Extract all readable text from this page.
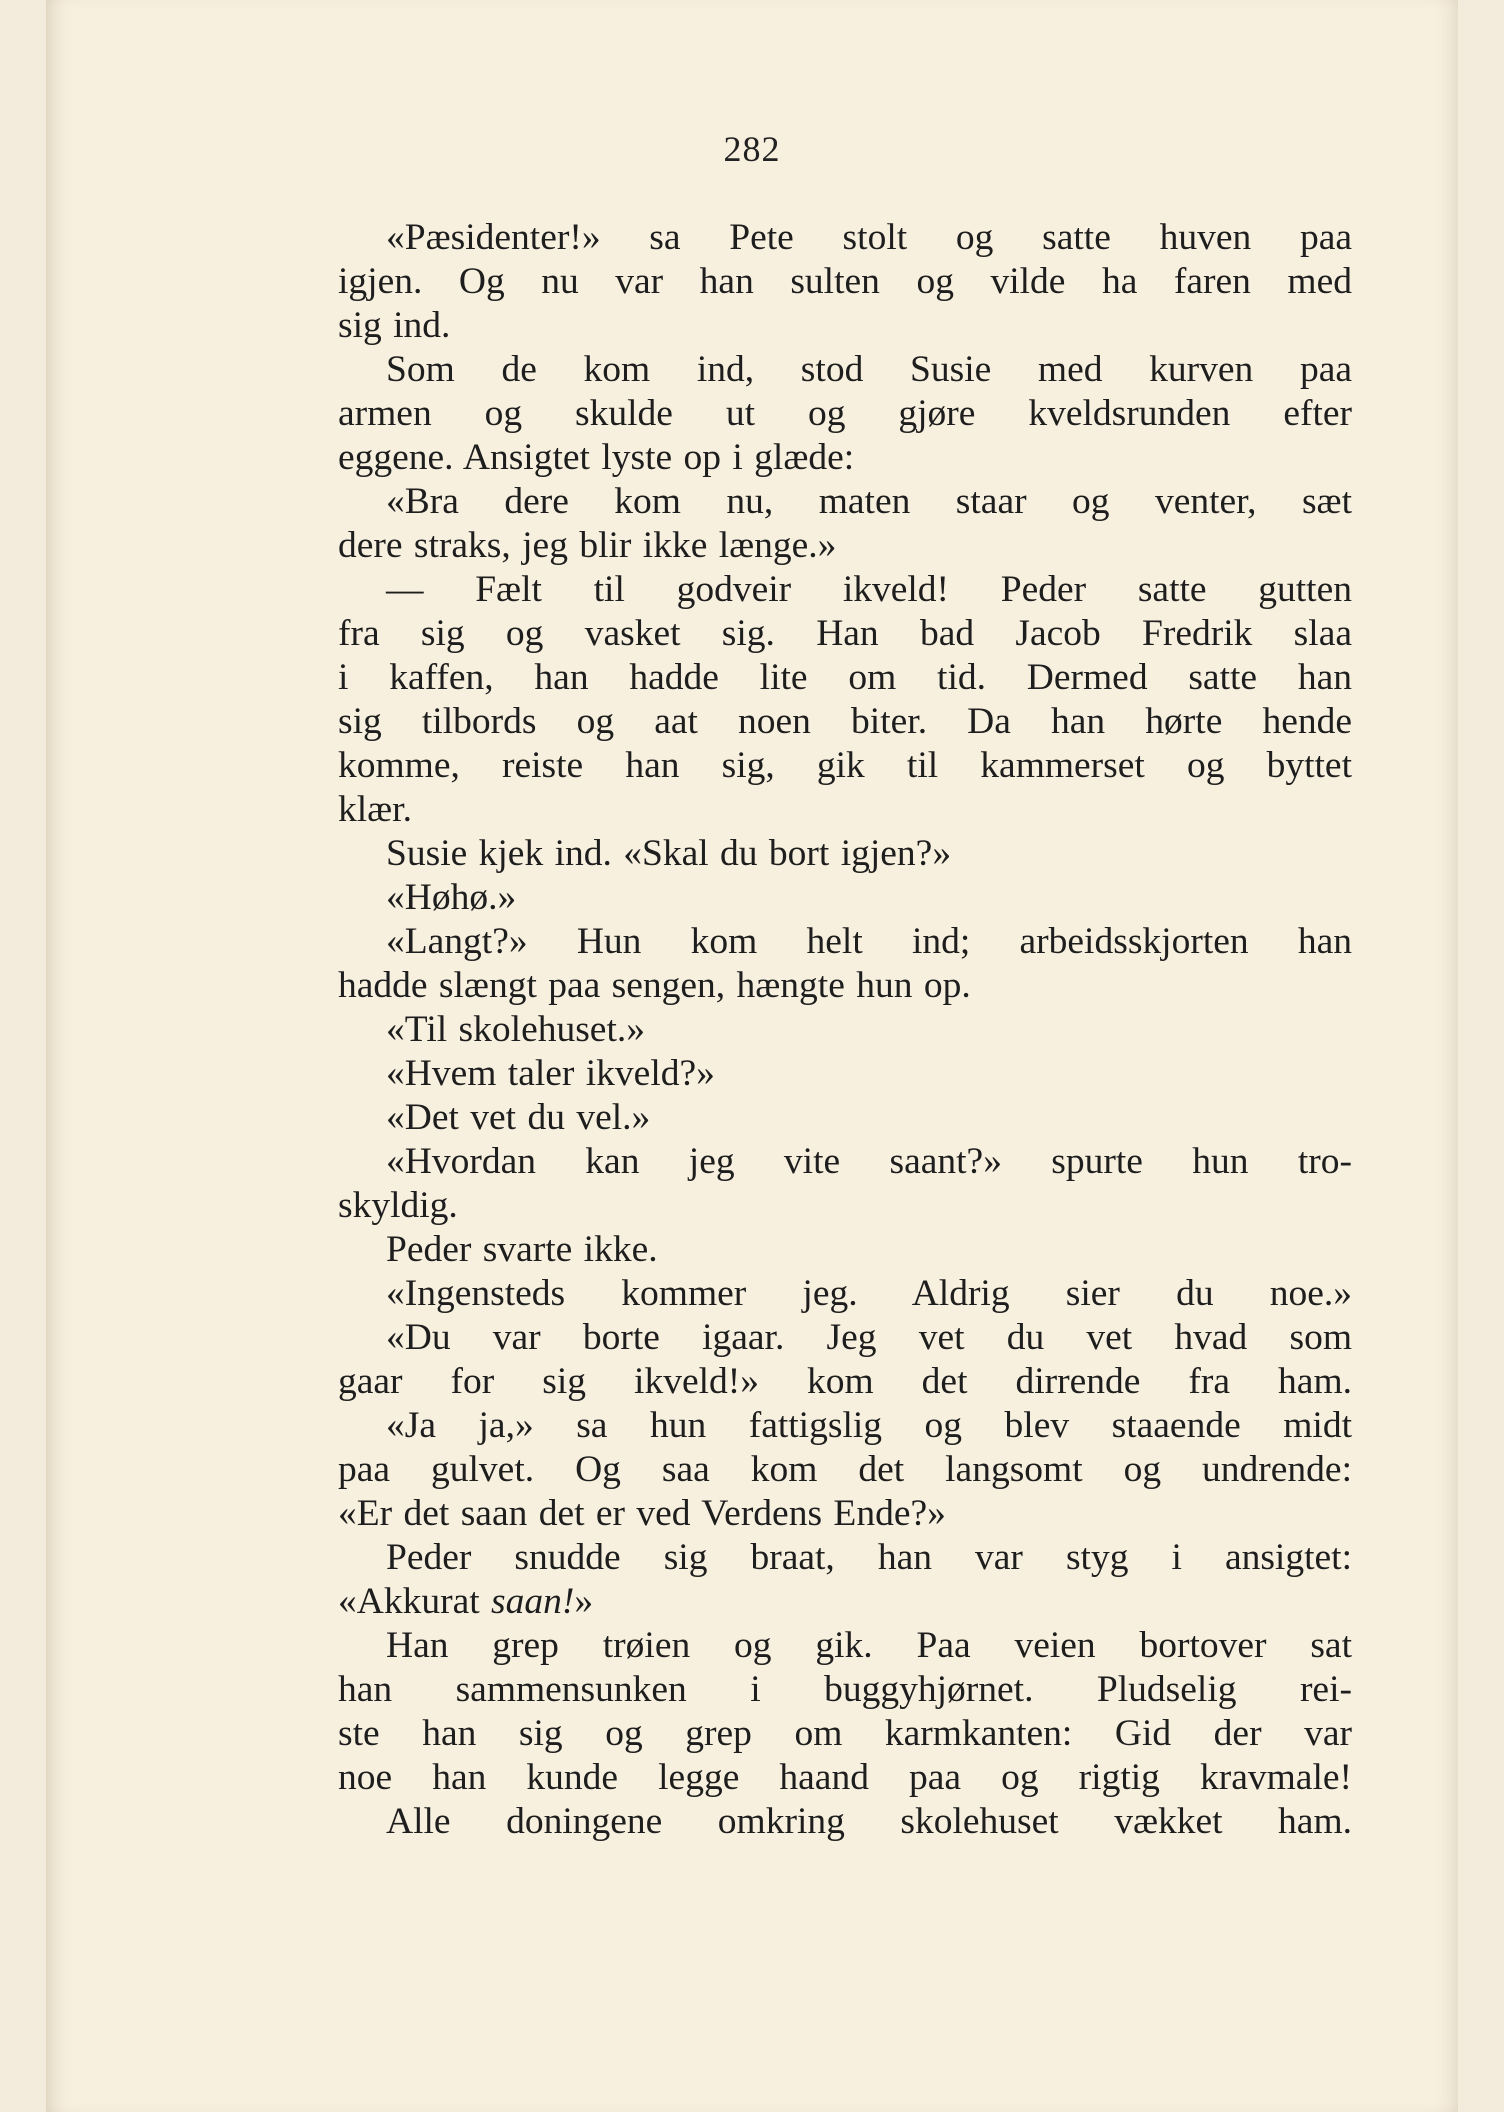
282
«Pæsidenter!» sa Pete stolt og satte huven paa
igjen. Og nu var han sulten og vilde ha faren med
sig ind.
Som de kom ind, stod Susie med kurven paa
armen og skulde ut og gjøre kveldsrunden efter
eggene. Ansigtet lyste op i glæde:
«Bra dere kom nu, maten staar og venter, sæt
dere straks, jeg blir ikke længe.»
— Fælt til godveir ikveld! Peder satte gutten
fra sig og vasket sig. Han bad Jacob Fredrik slaa
i kaffen, han hadde lite om tid. Dermed satte han
sig tilbords og aat noen biter. Da han hørte hende
komme, reiste han sig, gik til kammerset og byttet
klær.
Susie kjek ind. «Skal du bort igjen?»
«Høhø.»
«Langt?» Hun kom helt ind; arbeidsskjorten han
hadde slængt paa sengen, hængte hun op.
«Til skolehuset.»
«Hvem taler ikveld?»
«Det vet du vel.»
«Hvordan kan jeg vite saant?» spurte hun tro-
skyldig.
Peder svarte ikke.
«Ingensteds kommer jeg. Aldrig sier du noe.»
«Du var borte igaar. Jeg vet du vet hvad som
gaar for sig ikveld!» kom det dirrende fra ham.
«Ja ja,» sa hun fattigslig og blev staaende midt
paa gulvet. Og saa kom det langsomt og undrende:
«Er det saan det er ved Verdens Ende?»
Peder snudde sig braat, han var styg i ansigtet:
«Akkurat saan!»
Han grep trøien og gik. Paa veien bortover sat
han sammensunken i buggyhjørnet. Pludselig rei-
ste han sig og grep om karmkanten: Gid der var
noe han kunde legge haand paa og rigtig kravmale!
Alle doningene omkring skolehuset vækket ham.
